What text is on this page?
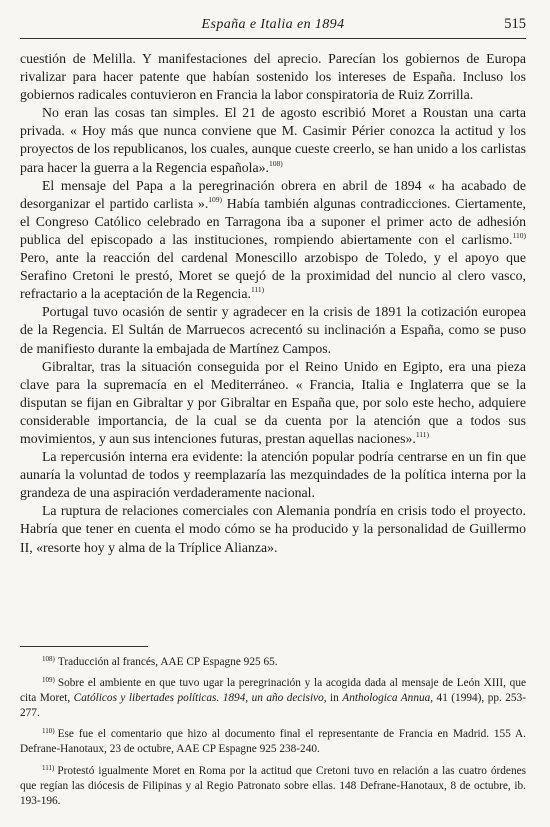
España e Italia en 1894	515

cuestión de Melilla. Y manifestaciones del aprecio. Parecían los gobiernos de Europa rivalizar para hacer patente que habían sostenido los intereses de España. Incluso los gobiernos radicales contuvieron en Francia la labor conspiratoria de Ruiz Zorrilla.

No eran las cosas tan simples. El 21 de agosto escribió Moret a Roustan una carta privada. « Hoy más que nunca conviene que M. Casimir Périer conozca la actitud y los proyectos de los republicanos, los cuales, aunque cueste creerlo, se han unido a los carlistas para hacer la guerra a la Regencia española».$^{108)}$

El mensaje del Papa a la peregrinación obrera en abril de 1894 « ha acabado de desorganizar el partido carlista ».$^{109)}$ Había también algunas contradicciones. Ciertamente, el Congreso Católico celebrado en Tarragona iba a suponer el primer acto de adhesión publica del episcopado a las instituciones, rompiendo abiertamente con el carlismo.$^{110)}$ Pero, ante la reacción del cardenal Monescillo arzobispo de Toledo, y el apoyo que Serafino Cretoni le prestó, Moret se quejó de la proximidad del nuncio al clero vasco, refractario a la aceptación de la Regencia.$^{111)}$

Portugal tuvo ocasión de sentir y agradecer en la crisis de 1891 la cotización europea de la Regencia. El Sultán de Marruecos acrecentó su inclinación a España, como se puso de manifiesto durante la embajada de Martínez Campos.

Gibraltar, tras la situación conseguida por el Reino Unido en Egipto, era una pieza clave para la supremacía en el Mediterráneo. « Francia, Italia e Inglaterra que se la disputan se fijan en Gibraltar y por Gibraltar en España que, por solo este hecho, adquiere considerable importancia, de la cual se da cuenta por la atención que a todos sus movimientos, y aun sus intenciones futuras, prestan aquellas naciones».$^{111)}$

La repercusión interna era evidente: la atención popular podría centrarse en un fin que aunaría la voluntad de todos y reemplazaría las mezquindades de la política interna por la grandeza de una aspiración verdaderamente nacional.

La ruptura de relaciones comerciales con Alemania pondría en crisis todo el proyecto. Habría que tener en cuenta el modo cómo se ha producido y la personalidad de Guillermo II, «resorte hoy y alma de la Tríplice Alianza».

$^{108)}$ Traducción al francés, AAE CP Espagne 925 65.

$^{109)}$ Sobre el ambiente en que tuvo ugar la peregrinación y la acogida dada al mensaje de León XIII, que cita Moret, Católicos y libertades políticas. 1894, un año decisivo, in Anthologica Annua, 41 (1994), pp. 253-277.

$^{110)}$ Ese fue el comentario que hizo al documento final el representante de Francia en Madrid. 155 A. Defrane-Hanotaux, 23 de octubre, AAE CP Espagne 925 238-240.

$^{111)}$ Protestó igualmente Moret en Roma por la actitud que Cretoni tuvo en relación a las cuatro órdenes que regían las diócesis de Filipinas y al Regio Patronato sobre ellas. 148 Defrane-Hanotaux, 8 de octubre, ib. 193-196.
